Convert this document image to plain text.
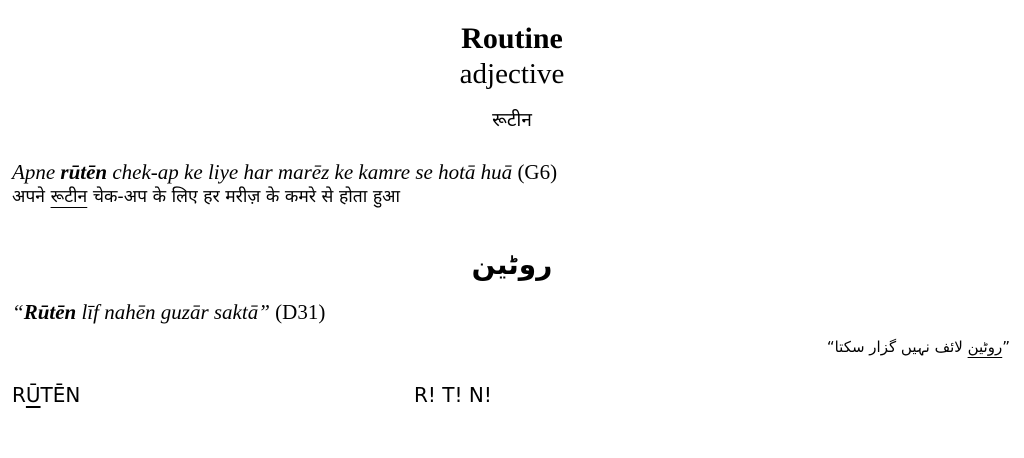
Routine
adjective
रूटीन
Apne rūtēn chek-ap ke liye har marēz ke kamre se hotā huā (G6)
अपने रूटीन चेक-अप के लिए हर मरीज़ के कमरे से होता हुआ
روٹین
“Rūtēn līf nahēn guzār saktā” (D31)
”روٹین لائف نہیں گزار سکتا“
RŪTĒN	R! T! N!
